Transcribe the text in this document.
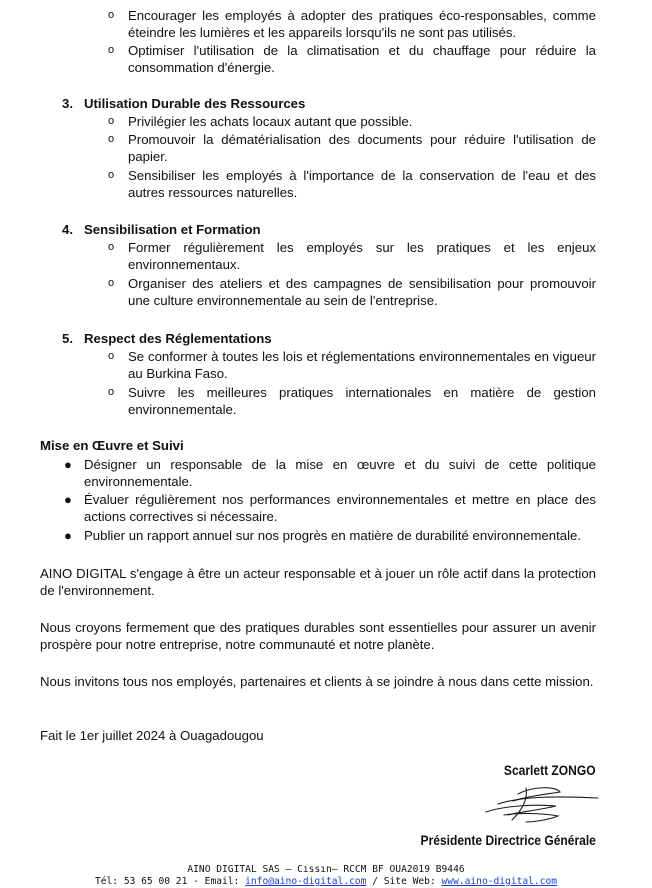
o Encourager les employés à adopter des pratiques éco-responsables, comme éteindre les lumières et les appareils lorsqu'ils ne sont pas utilisés.
o Optimiser l'utilisation de la climatisation et du chauffage pour réduire la consommation d'énergie.
3. Utilisation Durable des Ressources
o Privilégier les achats locaux autant que possible.
o Promouvoir la dématérialisation des documents pour réduire l'utilisation de papier.
o Sensibiliser les employés à l'importance de la conservation de l'eau et des autres ressources naturelles.
4. Sensibilisation et Formation
o Former régulièrement les employés sur les pratiques et les enjeux environnementaux.
o Organiser des ateliers et des campagnes de sensibilisation pour promouvoir une culture environnementale au sein de l'entreprise.
5. Respect des Réglementations
o Se conformer à toutes les lois et réglementations environnementales en vigueur au Burkina Faso.
o Suivre les meilleures pratiques internationales en matière de gestion environnementale.
Mise en Œuvre et Suivi
● Désigner un responsable de la mise en œuvre et du suivi de cette politique environnementale.
● Évaluer régulièrement nos performances environnementales et mettre en place des actions correctives si nécessaire.
● Publier un rapport annuel sur nos progrès en matière de durabilité environnementale.
AINO DIGITAL s'engage à être un acteur responsable et à jouer un rôle actif dans la protection de l'environnement.
Nous croyons fermement que des pratiques durables sont essentielles pour assurer un avenir prospère pour notre entreprise, notre communauté et notre planète.
Nous invitons tous nos employés, partenaires et clients à se joindre à nous dans cette mission.
Fait le 1er juillet 2024 à Ouagadougou
Scarlett ZONGO
Présidente Directrice Générale
AINO DIGITAL SAS – Cıssın– RCCM BF OUA2019 B9446
Tél: 53 65 00 21 - Email: info@aino-digital.com / Site Web: www.aino-digital.com
